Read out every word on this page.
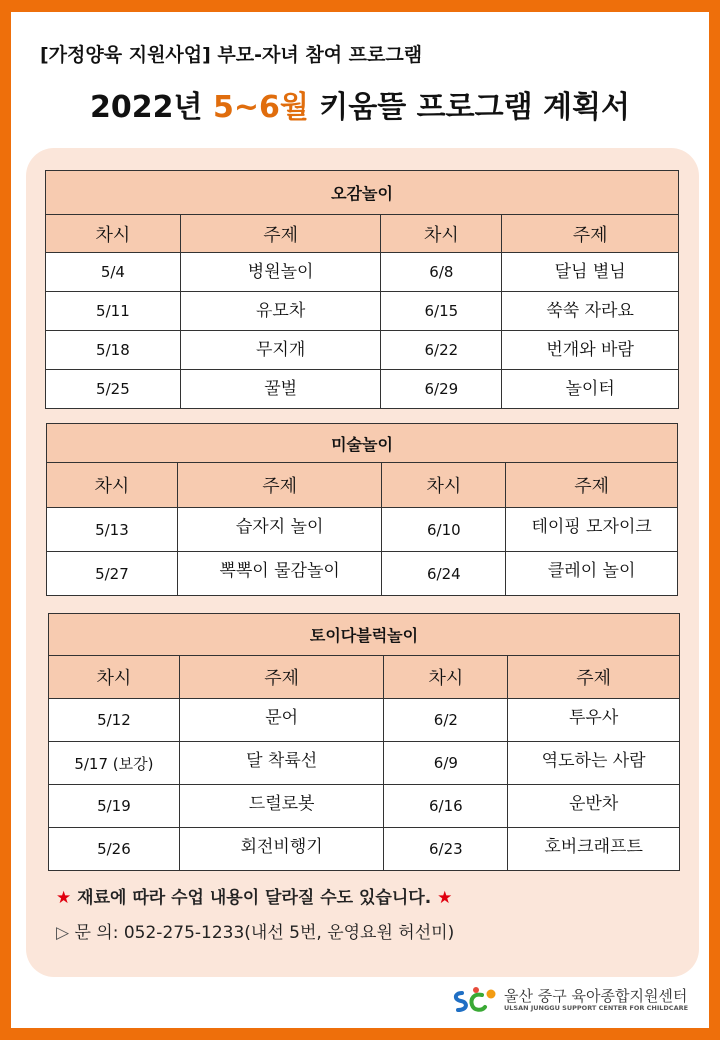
[가정양육 지원사업] 부모-자녀 참여 프로그램
2022년 5~6월 키움뜰 프로그램 계획서
오감놀이			
차시	주제	차시	주제
5/4	병원놀이	6/8	달님 별님
5/11	유모차	6/15	쑥쑥 자라요
5/18	무지개	6/22	번개와 바람
5/25	꿀벌	6/29	놀이터
미술놀이			
차시	주제	차시	주제
5/13	습자지 놀이	6/10	테이핑 모자이크
5/27	뽁뽁이 물감놀이	6/24	클레이 놀이
토이다블럭놀이			
차시	주제	차시	주제
5/12	문어	6/2	투우사
5/17 (보강)	달 착륙선	6/9	역도하는 사람
5/19	드럴로봇	6/16	운반차
5/26	회전비행기	6/23	호버크래프트
★ 재료에 따라 수업 내용이 달라질 수도 있습니다. ★
▷ 문 의: 052-275-1233(내선 5번, 운영요원 허선미)
울산 중구 육아종합지원센터
ULSAN JUNGGU SUPPORT CENTER FOR CHILDCARE
